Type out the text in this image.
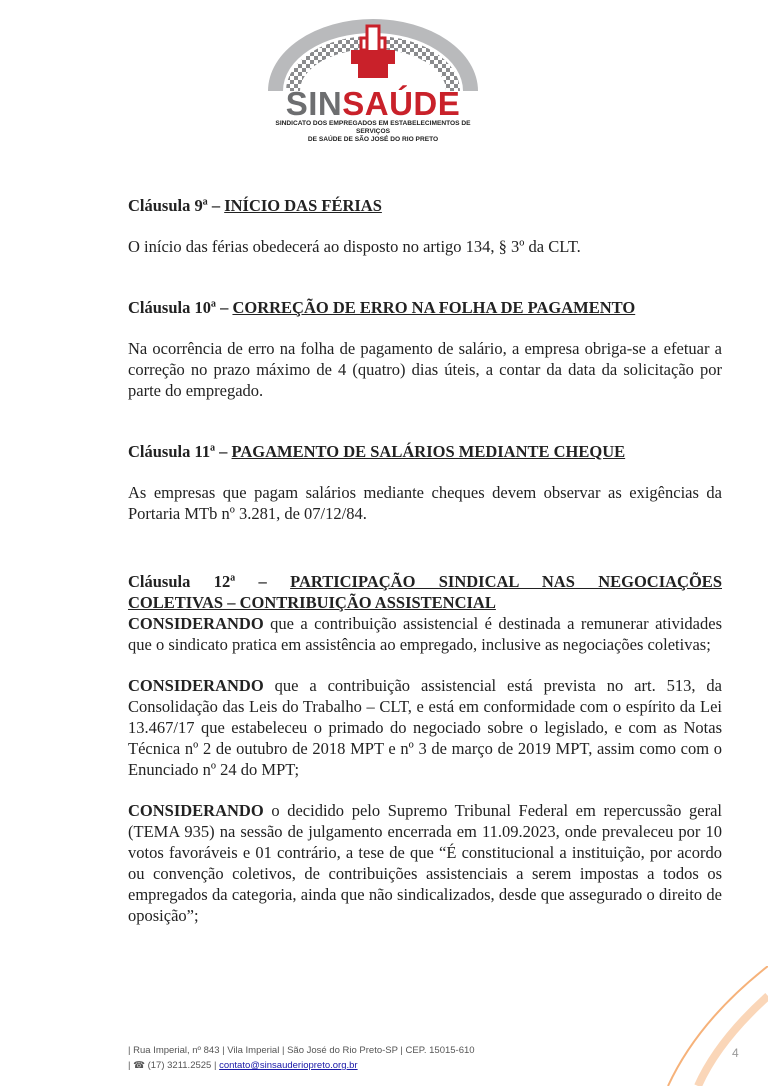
SINSAÚDE
SINDICATO DOS EMPREGADOS EM ESTABELECIMENTOS DE SERVIÇOS
DE SAÚDE DE SÃO JOSÉ DO RIO PRETO
Cláusula 9ª – INÍCIO DAS FÉRIAS

O início das férias obedecerá ao disposto no artigo 134, § 3º da CLT.

Cláusula 10ª – CORREÇÃO DE ERRO NA FOLHA DE PAGAMENTO

Na ocorrência de erro na folha de pagamento de salário, a empresa obriga-se a efetuar a correção no prazo máximo de 4 (quatro) dias úteis, a contar da data da solicitação por parte do empregado.

Cláusula 11ª – PAGAMENTO DE SALÁRIOS MEDIANTE CHEQUE

As empresas que pagam salários mediante cheques devem observar as exigências da Portaria MTb nº 3.281, de 07/12/84.

Cláusula 12ª – PARTICIPAÇÃO SINDICAL NAS NEGOCIAÇÕES
COLETIVAS – CONTRIBUIÇÃO ASSISTENCIAL

CONSIDERANDO que a contribuição assistencial é destinada a remunerar atividades que o sindicato pratica em assistência ao empregado, inclusive as negociações coletivas;

CONSIDERANDO que a contribuição assistencial está prevista no art. 513, da Consolidação das Leis do Trabalho – CLT, e está em conformidade com o espírito da Lei 13.467/17 que estabeleceu o primado do negociado sobre o legislado, e com as Notas Técnica nº 2 de outubro de 2018 MPT e nº 3 de março de 2019 MPT, assim como com o Enunciado nº 24 do MPT;

CONSIDERANDO o decidido pelo Supremo Tribunal Federal em repercussão geral (TEMA 935) na sessão de julgamento encerrada em 11.09.2023, onde prevaleceu por 10 votos favoráveis e 01 contrário, a tese de que “É constitucional a instituição, por acordo ou convenção coletivos, de contribuições assistenciais a serem impostas a todos os empregados da categoria, ainda que não sindicalizados, desde que assegurado o direito de oposição”;

| Rua Imperial, nº 843 | Vila Imperial | São José do Rio Preto-SP | CEP. 15015-610
| ☎ (17) 3211.2525 | contato@sinsauderiopreto.org.br
4
